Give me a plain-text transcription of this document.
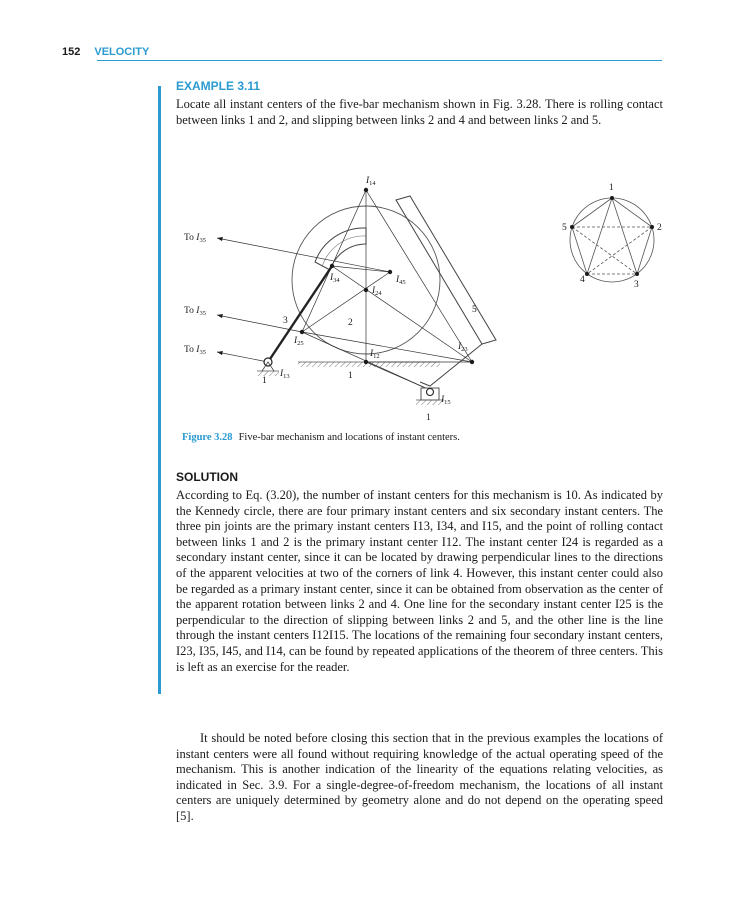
152 VELOCITY
EXAMPLE 3.11

Locate all instant centers of the five-bar mechanism shown in Fig. 3.28. There is rolling contact between links 1 and 2, and slipping between links 2 and 4 and between links 2 and 5.

To $I_{35}$
To $I_{35}$
To $I_{35}$
$I_{14}$
$I_{34}$	$I_{45}$
$I_{24}$
$I_{25}$
$I_{12}$
$I_{23}$
$I_{13}$
$I_{15}$
1	1
1
2
3
5
1
2
3
4
5
Figure 3.28 Five-bar mechanism and locations of instant centers.
SOLUTION

According to Eq. (3.20), the number of instant centers for this mechanism is 10. As indicated by the Kennedy circle, there are four primary instant centers and six secondary instant centers. The three pin joints are the primary instant centers I13, I34, and I15, and the point of rolling contact between links 1 and 2 is the primary instant center I12. The instant center I24 is regarded as a secondary instant center, since it can be located by drawing perpendicular lines to the directions of the apparent velocities at two of the corners of link 4. However, this instant center could also be regarded as a primary instant center, since it can be obtained from observation as the center of the apparent rotation between links 2 and 4. One line for the secondary instant center I25 is the perpendicular to the direction of slipping between links 2 and 5, and the other line is the line through the instant centers I12I15. The locations of the remaining four secondary instant centers, I23, I35, I45, and I14, can be found by repeated applications of the theorem of three centers. This is left as an exercise for the reader.

It should be noted before closing this section that in the previous examples the locations of instant centers were all found without requiring knowledge of the actual operating speed of the mechanism. This is another indication of the linearity of the equations relating velocities, as indicated in Sec. 3.9. For a single-degree-of-freedom mechanism, the locations of all instant centers are uniquely determined by geometry alone and do not depend on the operating speed [5].
